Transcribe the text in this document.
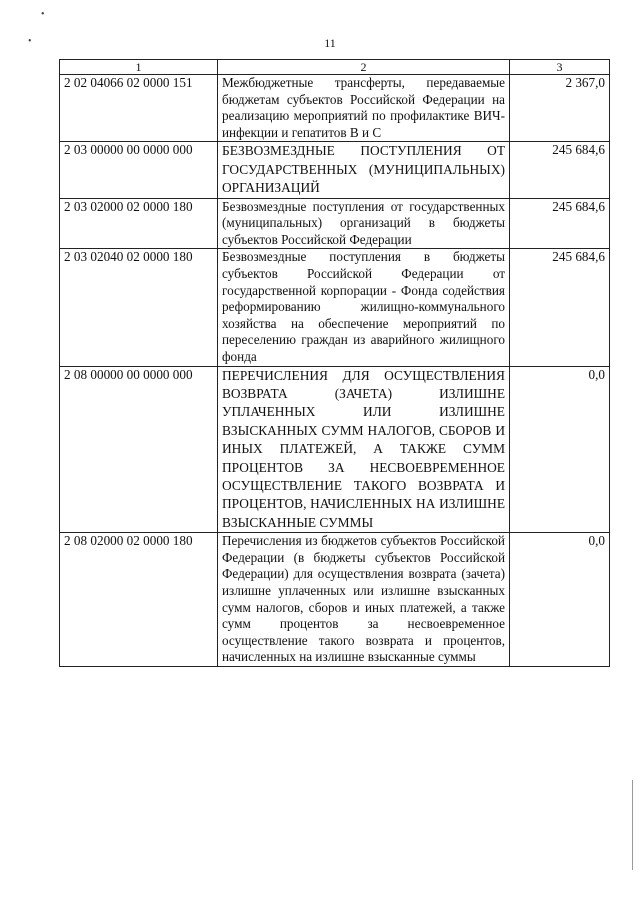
•
•	11
1	2	3
2 02 04066 02 0000 151	Межбюджетные трансферты, передаваемые бюджетам субъектов Российской Федерации на реализацию мероприятий по профилактике ВИЧ-инфекции и гепатитов В и С	2 367,0
2 03 00000 00 0000 000	БЕЗВОЗМЕЗДНЫЕ ПОСТУПЛЕНИЯ ОТ ГОСУДАРСТВЕННЫХ (МУНИЦИПАЛЬНЫХ) ОРГАНИЗАЦИЙ	245 684,6
2 03 02000 02 0000 180	Безвозмездные поступления от государственных (муниципальных) организаций в бюджеты субъектов Российской Федерации	245 684,6
2 03 02040 02 0000 180	Безвозмездные поступления в бюджеты субъектов Российской Федерации от государственной корпорации - Фонда содействия реформированию жилищно-коммунального хозяйства на обеспечение мероприятий по переселению граждан из аварийного жилищного фонда	245 684,6
2 08 00000 00 0000 000	ПЕРЕЧИСЛЕНИЯ ДЛЯ ОСУЩЕСТВЛЕНИЯ ВОЗВРАТА (ЗАЧЕТА) ИЗЛИШНЕ УПЛАЧЕННЫХ ИЛИ ИЗЛИШНЕ ВЗЫСКАННЫХ СУММ НАЛОГОВ, СБОРОВ И ИНЫХ ПЛАТЕЖЕЙ, А ТАКЖЕ СУММ ПРОЦЕНТОВ ЗА НЕСВОЕВРЕМЕННОЕ ОСУЩЕСТВЛЕНИЕ ТАКОГО ВОЗВРАТА И ПРОЦЕНТОВ, НАЧИСЛЕННЫХ НА ИЗЛИШНЕ ВЗЫСКАННЫЕ СУММЫ	0,0
2 08 02000 02 0000 180	Перечисления из бюджетов субъектов Российской Федерации (в бюджеты субъектов Российской Федерации) для осуществления возврата (зачета) излишне уплаченных или излишне взысканных сумм налогов, сборов и иных платежей, а также сумм процентов за несвоевременное осуществление такого возврата и процентов, начисленных на излишне взысканные суммы	0,0
